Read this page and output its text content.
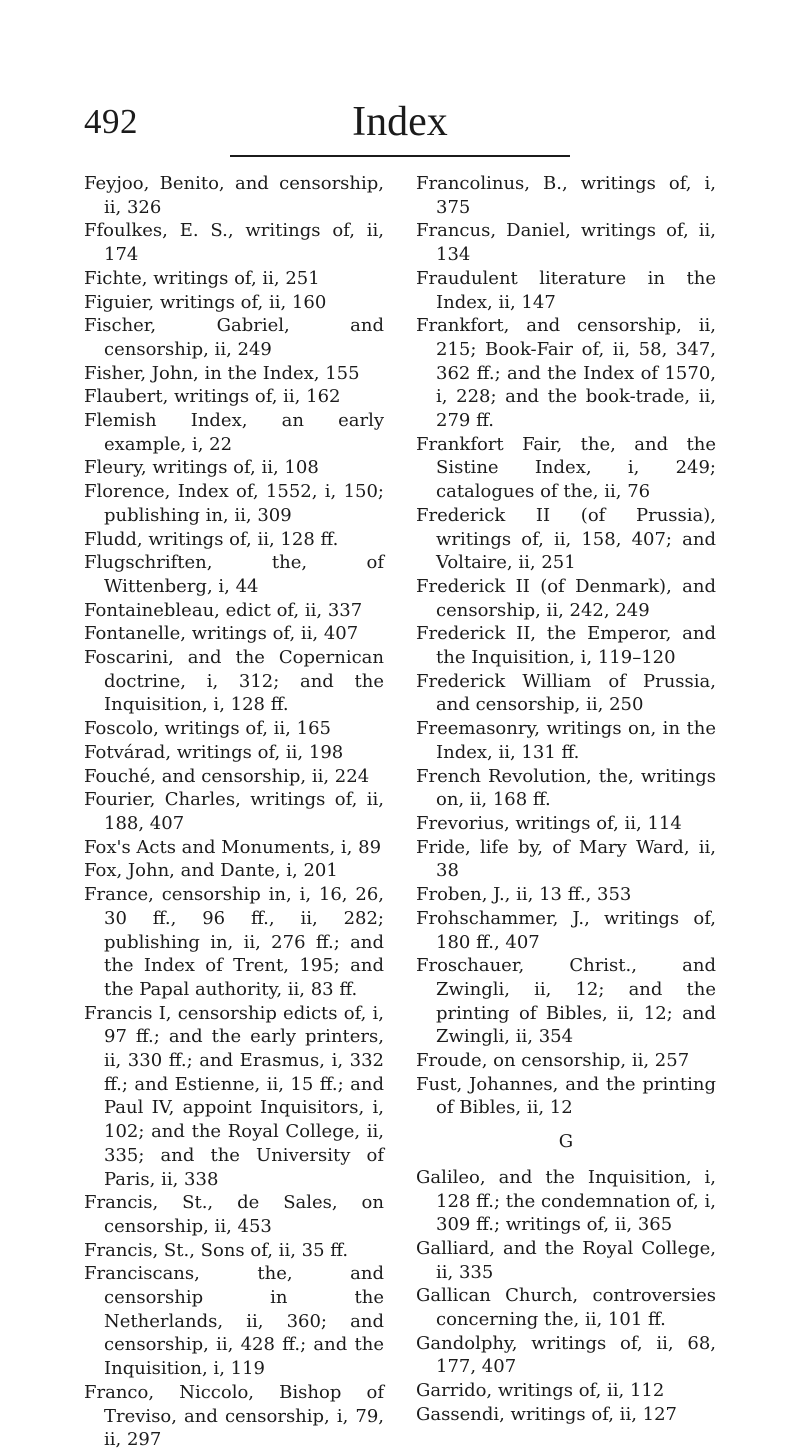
492	Index

Feyjoo, Benito, and censorship, ii, 326

Ffoulkes, E. S., writings of, ii, 174

Fichte, writings of, ii, 251

Figuier, writings of, ii, 160

Fischer, Gabriel, and censorship, ii, 249

Fisher, John, in the Index, 155

Flaubert, writings of, ii, 162

Flemish Index, an early example, i, 22

Fleury, writings of, ii, 108

Florence, Index of, 1552, i, 150; publishing in, ii, 309

Fludd, writings of, ii, 128 ff.

Flugschriften, the, of Wittenberg, i, 44

Fontainebleau, edict of, ii, 337

Fontanelle, writings of, ii, 407

Foscarini, and the Copernican doctrine, i, 312; and the Inquisition, i, 128 ff.

Foscolo, writings of, ii, 165

Fotvárad, writings of, ii, 198

Fouché, and censorship, ii, 224

Fourier, Charles, writings of, ii, 188, 407

Fox's Acts and Monuments, i, 89

Fox, John, and Dante, i, 201

France, censorship in, i, 16, 26, 30 ff., 96 ff., ii, 282; publishing in, ii, 276 ff.; and the Index of Trent, 195; and the Papal authority, ii, 83 ff.

Francis I, censorship edicts of, i, 97 ff.; and the early printers, ii, 330 ff.; and Erasmus, i, 332 ff.; and Estienne, ii, 15 ff.; and Paul IV, appoint Inquisitors, i, 102; and the Royal College, ii, 335; and the University of Paris, ii, 338

Francis, St., de Sales, on censorship, ii, 453

Francis, St., Sons of, ii, 35 ff.

Franciscans, the, and censorship in the Netherlands, ii, 360; and censorship, ii, 428 ff.; and the Inquisition, i, 119

Franco, Niccolo, Bishop of Treviso, and censorship, i, 79, ii, 297

Francolinus, B., writings of, i, 375

Francus, Daniel, writings of, ii, 134

Fraudulent literature in the Index, ii, 147

Frankfort, and censorship, ii, 215; Book-Fair of, ii, 58, 347, 362 ff.; and the Index of 1570, i, 228; and the book-trade, ii, 279 ff.

Frankfort Fair, the, and the Sistine Index, i, 249; catalogues of the, ii, 76

Frederick II (of Prussia), writings of, ii, 158, 407; and Voltaire, ii, 251

Frederick II (of Denmark), and censorship, ii, 242, 249

Frederick II, the Emperor, and the Inquisition, i, 119–120

Frederick William of Prussia, and censorship, ii, 250

Freemasonry, writings on, in the Index, ii, 131 ff.

French Revolution, the, writings on, ii, 168 ff.

Frevorius, writings of, ii, 114

Fride, life by, of Mary Ward, ii, 38

Froben, J., ii, 13 ff., 353

Frohschammer, J., writings of, 180 ff., 407

Froschauer, Christ., and Zwingli, ii, 12; and the printing of Bibles, ii, 12; and Zwingli, ii, 354

Froude, on censorship, ii, 257

Fust, Johannes, and the printing of Bibles, ii, 12

G

Galileo, and the Inquisition, i, 128 ff.; the condemnation of, i, 309 ff.; writings of, ii, 365

Galliard, and the Royal College, ii, 335

Gallican Church, controversies concerning the, ii, 101 ff.

Gandolphy, writings of, ii, 68, 177, 407

Garrido, writings of, ii, 112

Gassendi, writings of, ii, 127
